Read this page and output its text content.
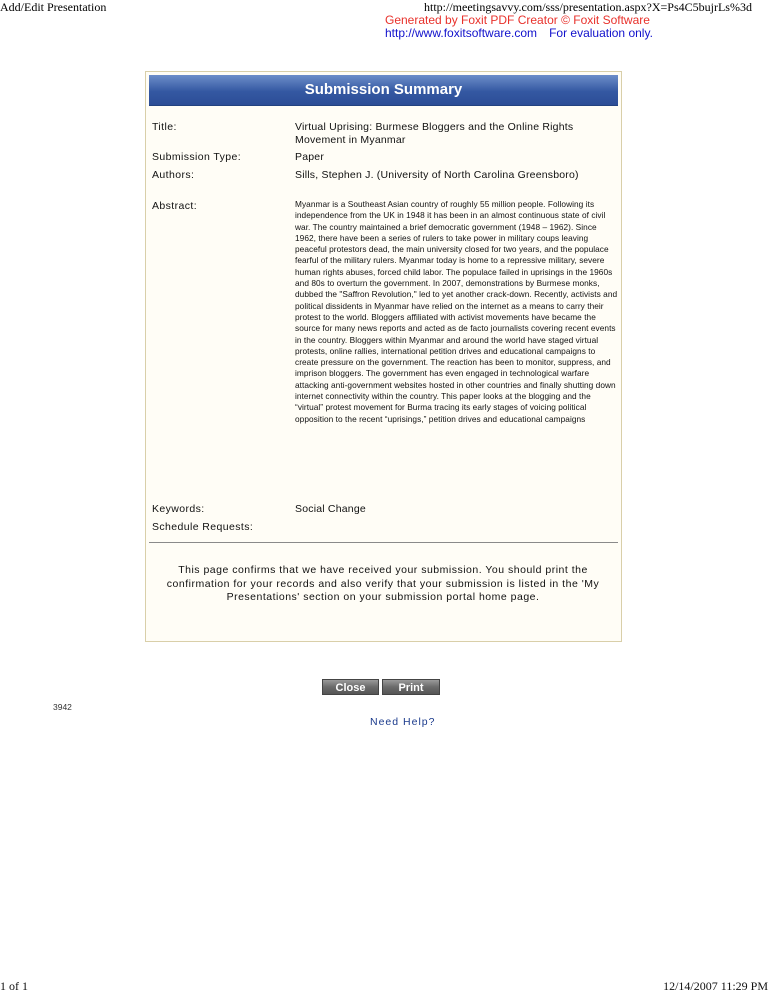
Add/Edit Presentation	http://meetingsavvy.com/sss/presentation.aspx?X=Ps4C5bujrLs%3d
Generated by Foxit PDF Creator © Foxit Software
http://www.foxitsoftware.com For evaluation only.
Submission Summary
Title:	Virtual Uprising: Burmese Bloggers and the Online Rights Movement in Myanmar
Submission Type:	Paper
Authors:	Sills, Stephen J. (University of North Carolina Greensboro)
Abstract:	Myanmar is a Southeast Asian country of roughly 55 million people. Following its independence from the UK in 1948 it has been in an almost continuous state of civil war. The country maintained a brief democratic government (1948 – 1962). Since 1962, there have been a series of rulers to take power in military coups leaving peaceful protestors dead, the main university closed for two years, and the populace fearful of the military rulers. Myanmar today is home to a repressive military, severe human rights abuses, forced child labor. The populace failed in uprisings in the 1960s and 80s to overturn the government. In 2007, demonstrations by Burmese monks, dubbed the "Saffron Revolution," led to yet another crack-down. Recently, activists and political dissidents in Myanmar have relied on the internet as a means to carry their protest to the world. Bloggers affiliated with activist movements have became the source for many news reports and acted as de facto journalists covering recent events in the country. Bloggers within Myanmar and around the world have staged virtual protests, online rallies, international petition drives and educational campaigns to create pressure on the government. The reaction has been to monitor, suppress, and imprison bloggers. The government has even engaged in technological warfare attacking anti-government websites hosted in other countries and finally shutting down internet connectivity within the country. This paper looks at the blogging and the “virtual” protest movement for Burma tracing its early stages of voicing political opposition to the recent “uprisings,” petition drives and educational campaigns
Keywords:	Social Change
Schedule Requests:
This page confirms that we have received your submission. You should print the confirmation for your records and also verify that your submission is listed in the 'My Presentations' section on your submission portal home page.
Close	Print
3942
Need Help?
1 of 1	12/14/2007 11:29 PM
